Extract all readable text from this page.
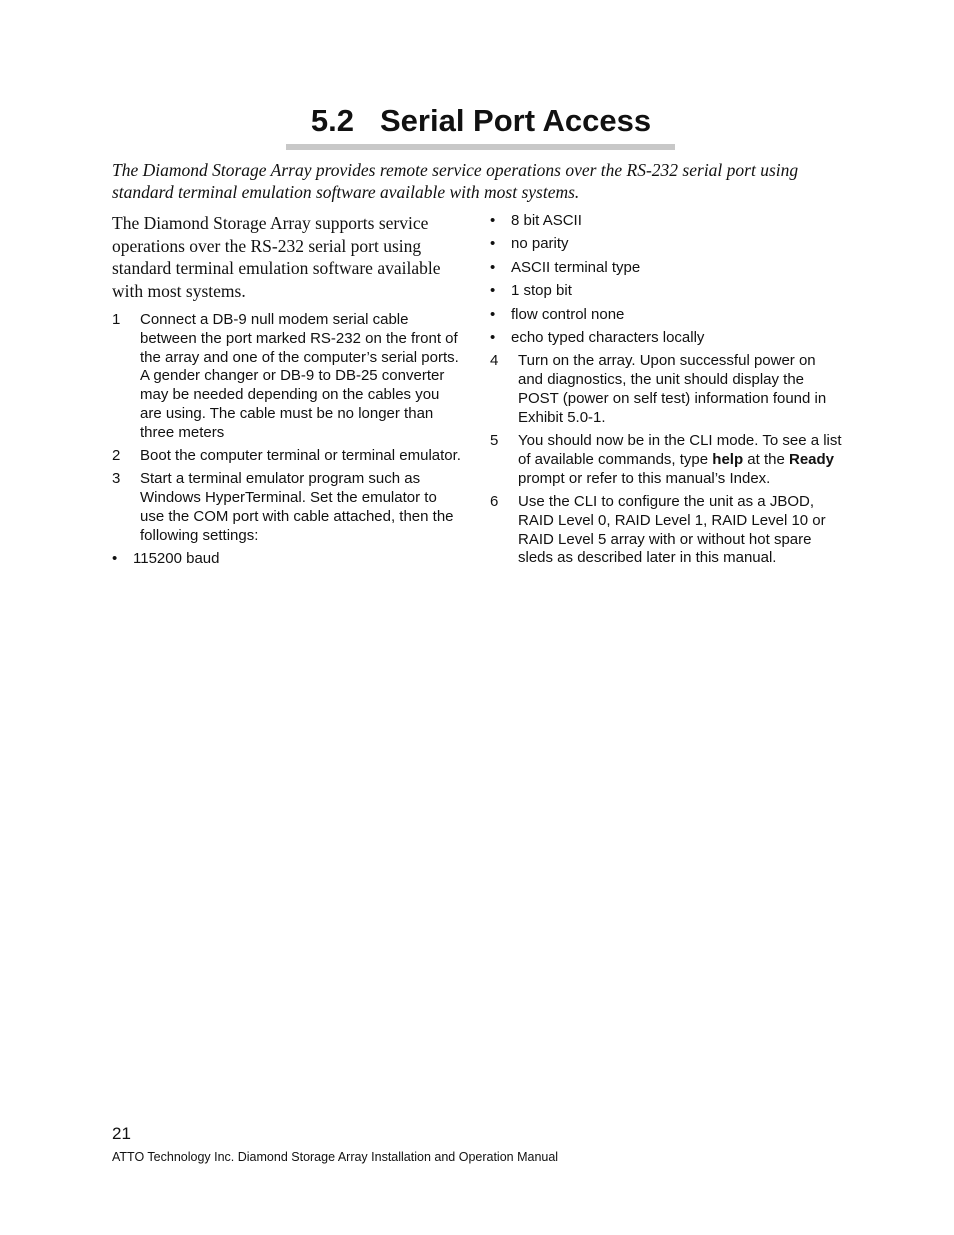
5.2 Serial Port Access

The Diamond Storage Array provides remote service operations over the RS-232 serial port using standard terminal emulation software available with most systems.

The Diamond Storage Array supports service operations over the RS-232 serial port using standard terminal emulation software available with most systems.

1	Connect a DB-9 null modem serial cable between the port marked RS-232 on the front of the array and one of the computer’s serial ports. A gender changer or DB-9 to DB-25 converter may be needed depending on the cables you are using. The cable must be no longer than three meters
2	Boot the computer terminal or terminal emulator.
3	Start a terminal emulator program such as Windows HyperTerminal. Set the emulator to use the COM port with cable attached, then the following settings:
•	115200 baud
•	8 bit ASCII
•	no parity
•	ASCII terminal type
•	1 stop bit
•	flow control none
•	echo typed characters locally
4	Turn on the array. Upon successful power on and diagnostics, the unit should display the POST (power on self test) information found in Exhibit 5.0-1.
5	You should now be in the CLI mode. To see a list of available commands, type help at the Ready prompt or refer to this manual’s Index.
6	Use the CLI to configure the unit as a JBOD, RAID Level 0, RAID Level 1, RAID Level 10 or RAID Level 5 array with or without hot spare sleds as described later in this manual.

21

ATTO Technology Inc. Diamond Storage Array Installation and Operation Manual
